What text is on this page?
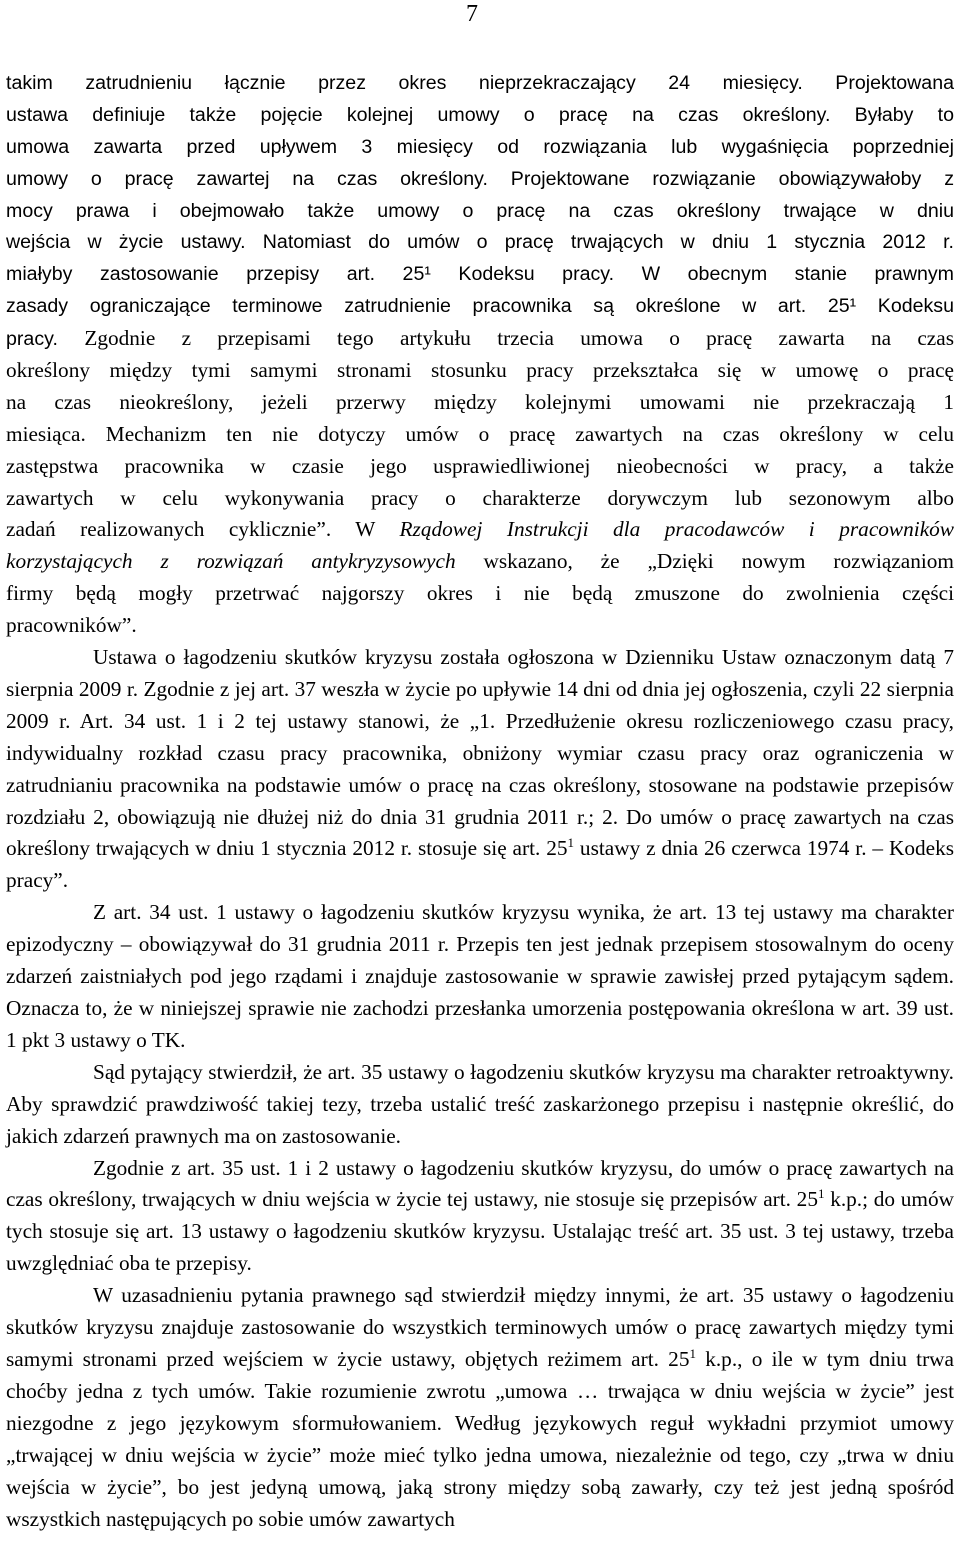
7
takim zatrudnieniu łącznie przez okres nieprzekraczający 24 miesięcy. Projektowana
ustawa definiuje także pojęcie kolejnej umowy o pracę na czas określony. Byłaby to
umowa zawarta przed upływem 3 miesięcy od rozwiązania lub wygaśnięcia poprzedniej
umowy o pracę zawartej na czas określony. Projektowane rozwiązanie obowiązywałoby z
mocy prawa i obejmowało także umowy o pracę na czas określony trwające w dniu
wejścia w życie ustawy. Natomiast do umów o pracę trwających w dniu 1 stycznia 2012 r.
miałyby zastosowanie przepisy art. 25¹ Kodeksu pracy. W obecnym stanie prawnym
zasady ograniczające terminowe zatrudnienie pracownika są określone w art. 25¹ Kodeksu
pracy. Zgodnie z przepisami tego artykułu trzecia umowa o pracę zawarta na czas
określony między tymi samymi stronami stosunku pracy przekształca się w umowę o pracę
na czas nieokreślony, jeżeli przerwy między kolejnymi umowami nie przekraczają 1
miesiąca. Mechanizm ten nie dotyczy umów o pracę zawartych na czas określony w celu
zastępstwa pracownika w czasie jego usprawiedliwionej nieobecności w pracy, a także
zawartych w celu wykonywania pracy o charakterze dorywczym lub sezonowym albo
zadań realizowanych cyklicznie”. W Rządowej Instrukcji dla pracodawców i pracowników
korzystających z rozwiązań antykryzysowych wskazano, że „Dzięki nowym rozwiązaniom
firmy będą mogły przetrwać najgorszy okres i nie będą zmuszone do zwolnienia części
pracowników”.

Ustawa o łagodzeniu skutków kryzysu została ogłoszona w Dzienniku Ustaw oznaczonym datą 7 sierpnia 2009 r. Zgodnie z jej art. 37 weszła w życie po upływie 14 dni od dnia jej ogłoszenia, czyli 22 sierpnia 2009 r. Art. 34 ust. 1 i 2 tej ustawy stanowi, że „1. Przedłużenie okresu rozliczeniowego czasu pracy, indywidualny rozkład czasu pracy pracownika, obniżony wymiar czasu pracy oraz ograniczenia w zatrudnianiu pracownika na podstawie umów o pracę na czas określony, stosowane na podstawie przepisów rozdziału 2, obowiązują nie dłużej niż do dnia 31 grudnia 2011 r.; 2. Do umów o pracę zawartych na czas określony trwających w dniu 1 stycznia 2012 r. stosuje się art. $25^1$ ustawy z dnia 26 czerwca 1974 r. – Kodeks pracy”.

Z art. 34 ust. 1 ustawy o łagodzeniu skutków kryzysu wynika, że art. 13 tej ustawy ma charakter epizodyczny – obowiązywał do 31 grudnia 2011 r. Przepis ten jest jednak przepisem stosowalnym do oceny zdarzeń zaistniałych pod jego rządami i znajduje zastosowanie w sprawie zawisłej przed pytającym sądem. Oznacza to, że w niniejszej sprawie nie zachodzi przesłanka umorzenia postępowania określona w art. 39 ust. 1 pkt 3 ustawy o TK.

Sąd pytający stwierdził, że art. 35 ustawy o łagodzeniu skutków kryzysu ma charakter retroaktywny. Aby sprawdzić prawdziwość takiej tezy, trzeba ustalić treść zaskarżonego przepisu i następnie określić, do jakich zdarzeń prawnych ma on zastosowanie.

Zgodnie z art. 35 ust. 1 i 2 ustawy o łagodzeniu skutków kryzysu, do umów o pracę zawartych na czas określony, trwających w dniu wejścia w życie tej ustawy, nie stosuje się przepisów art. $25^1$ k.p.; do umów tych stosuje się art. 13 ustawy o łagodzeniu skutków kryzysu. Ustalając treść art. 35 ust. 3 tej ustawy, trzeba uwzględniać oba te przepisy.

W uzasadnieniu pytania prawnego sąd stwierdził między innymi, że art. 35 ustawy o łagodzeniu skutków kryzysu znajduje zastosowanie do wszystkich terminowych umów o pracę zawartych między tymi samymi stronami przed wejściem w życie ustawy, objętych reżimem art. $25^1$ k.p., o ile w tym dniu trwa choćby jedna z tych umów. Takie rozumienie zwrotu „umowa … trwająca w dniu wejścia w życie” jest niezgodne z jego językowym sformułowaniem. Według językowych reguł wykładni przymiot umowy „trwającej w dniu wejścia w życie” może mieć tylko jedna umowa, niezależnie od tego, czy „trwa w dniu wejścia w życie”, bo jest jedyną umową, jaką strony między sobą zawarły, czy też jest jedną spośród wszystkich następujących po sobie umów zawartych
